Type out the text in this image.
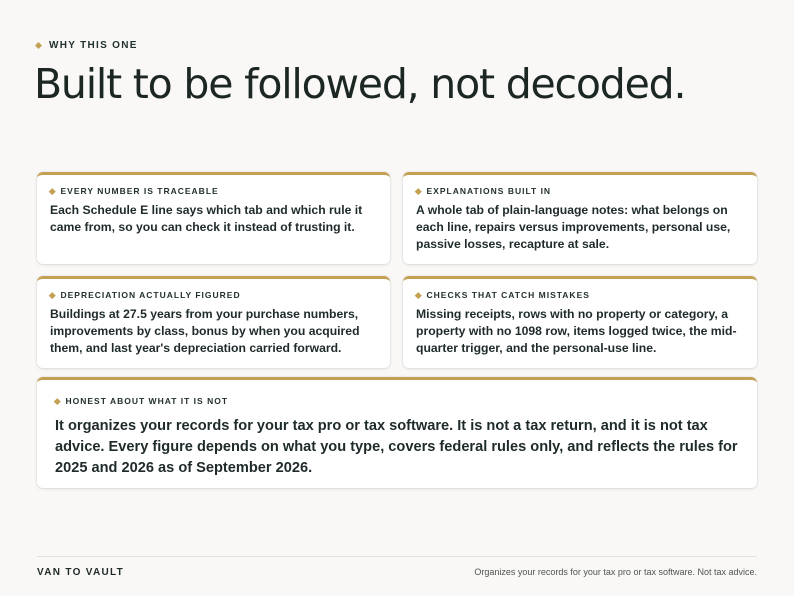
WHY THIS ONE
Built to be followed, not decoded.
EVERY NUMBER IS TRACEABLE

Each Schedule E line says which tab and which rule it came from, so you can check it instead of trusting it.

EXPLANATIONS BUILT IN

A whole tab of plain-language notes: what belongs on each line, repairs versus improvements, personal use, passive losses, recapture at sale.

DEPRECIATION ACTUALLY FIGURED

Buildings at 27.5 years from your purchase numbers, improvements by class, bonus by when you acquired them, and last year's depreciation carried forward.

CHECKS THAT CATCH MISTAKES

Missing receipts, rows with no property or category, a property with no 1098 row, items logged twice, the mid-quarter trigger, and the personal-use line.

HONEST ABOUT WHAT IT IS NOT

It organizes your records for your tax pro or tax software. It is not a tax return, and it is not tax advice. Every figure depends on what you type, covers federal rules only, and reflects the rules for 2025 and 2026 as of September 2026.

VAN TO VAULT	Organizes your records for your tax pro or tax software. Not tax advice.
